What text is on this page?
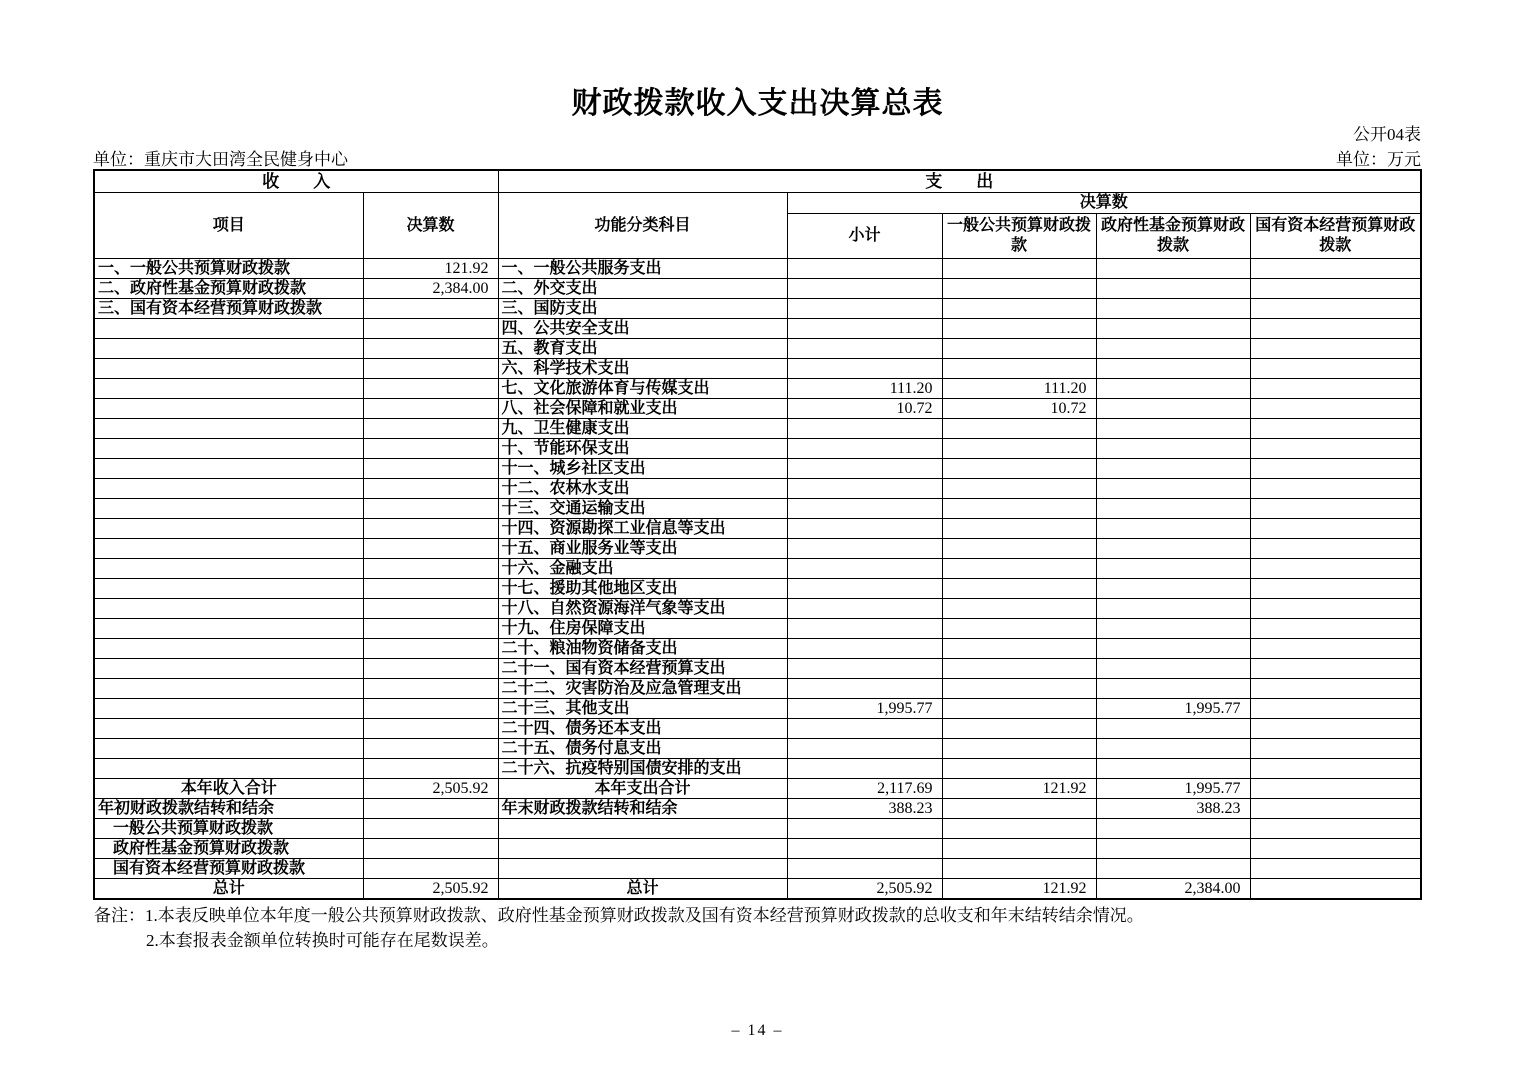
财政拨款收入支出决算总表
公开04表
单位：重庆市大田湾全民健身中心	单位：万元
收　　入		支　　出				
项目	决算数	功能分类科目	决算数			
			小计	一般公共预算财政拨款	政府性基金预算财政拨款	国有资本经营预算财政拨款
一、一般公共预算财政拨款	121.92	一、一般公共服务支出				
二、政府性基金预算财政拨款	2,384.00	二、外交支出				
三、国有资本经营预算财政拨款		三、国防支出				
		四、公共安全支出				
		五、教育支出				
		六、科学技术支出				
		七、文化旅游体育与传媒支出	111.20	111.20		
		八、社会保障和就业支出	10.72	10.72		
		九、卫生健康支出				
		十、节能环保支出				
		十一、城乡社区支出				
		十二、农林水支出				
		十三、交通运输支出				
		十四、资源勘探工业信息等支出				
		十五、商业服务业等支出				
		十六、金融支出				
		十七、援助其他地区支出				
		十八、自然资源海洋气象等支出				
		十九、住房保障支出				
		二十、粮油物资储备支出				
		二十一、国有资本经营预算支出				
		二十二、灾害防治及应急管理支出				
		二十三、其他支出	1,995.77		1,995.77	
		二十四、债务还本支出				
		二十五、债务付息支出				
		二十六、抗疫特别国债安排的支出				
本年收入合计	2,505.92	本年支出合计	2,117.69	121.92	1,995.77	
年初财政拨款结转和结余		年末财政拨款结转和结余	388.23		388.23	
一般公共预算财政拨款						
政府性基金预算财政拨款						
国有资本经营预算财政拨款						
总计	2,505.92	总计	2,505.92	121.92	2,384.00	
备注：1.本表反映单位本年度一般公共预算财政拨款、政府性基金预算财政拨款及国有资本经营预算财政拨款的总收支和年末结转结余情况。
2.本套报表金额单位转换时可能存在尾数误差。
– 14 –
